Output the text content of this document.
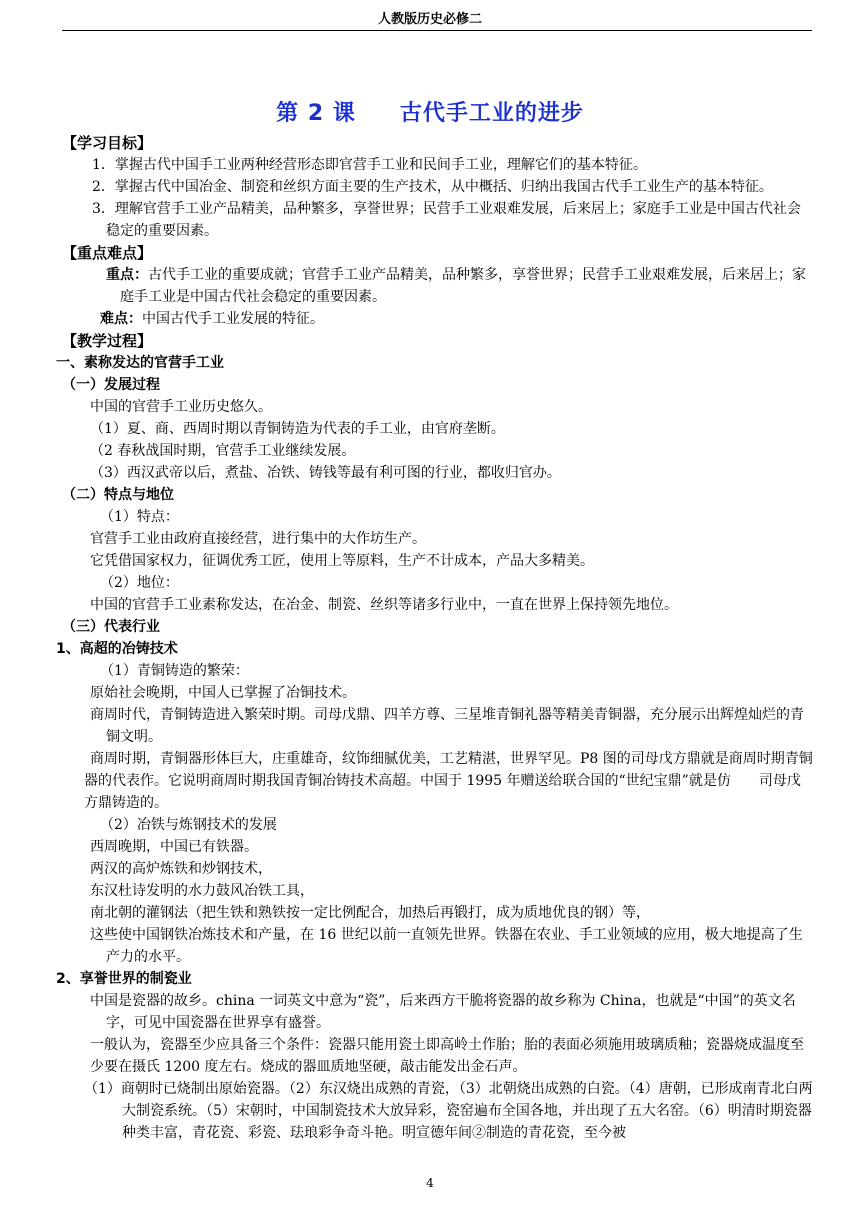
人教版历史必修二
第 2 课 古代手工业的进步

【学习目标】

1．掌握古代中国手工业两种经营形态即官营手工业和民间手工业，理解它们的基本特征。

2．掌握古代中国冶金、制瓷和丝织方面主要的生产技术，从中概括、归纳出我国古代手工业生产的基本特征。

3．理解官营手工业产品精美，品种繁多，享誉世界；民营手工业艰难发展，后来居上；家庭手工业是中国古代社会稳定的重要因素。

【重点难点】

重点：古代手工业的重要成就；官营手工业产品精美，品种繁多，享誉世界；民营手工业艰难发展，后来居上；家庭手工业是中国古代社会稳定的重要因素。

难点：中国古代手工业发展的特征。

【教学过程】

一、素称发达的官营手工业

（一）发展过程

中国的官营手工业历史悠久。

（1）夏、商、西周时期以青铜铸造为代表的手工业，由官府垄断。

（2 春秋战国时期，官营手工业继续发展。

（3）西汉武帝以后，煮盐、冶铁、铸钱等最有利可图的行业，都收归官办。

（二）特点与地位

（1）特点：

官营手工业由政府直接经营，进行集中的大作坊生产。

它凭借国家权力，征调优秀工匠，使用上等原料，生产不计成本，产品大多精美。

（2）地位：

中国的官营手工业素称发达，在冶金、制瓷、丝织等诸多行业中，一直在世界上保持领先地位。

（三）代表行业

1、高超的冶铸技术

（1）青铜铸造的繁荣：

原始社会晚期，中国人已掌握了冶铜技术。

商周时代，青铜铸造进入繁荣时期。司母戊鼎、四羊方尊、三星堆青铜礼器等精美青铜器，充分展示出辉煌灿烂的青铜文明。

商周时期，青铜器形体巨大，庄重雄奇，纹饰细腻优美，工艺精湛，世界罕见。P8 图的司母戊方鼎就是商周时期青铜器的代表作。它说明商周时期我国青铜冶铸技术高超。中国于 1995 年赠送给联合国的“世纪宝鼎”就是仿　　司母戊方鼎铸造的。

（2）冶铁与炼钢技术的发展

西周晚期，中国已有铁器。

两汉的高炉炼铁和炒钢技术，

东汉杜诗发明的水力鼓风冶铁工具，

南北朝的灌钢法（把生铁和熟铁按一定比例配合，加热后再锻打，成为质地优良的钢）等，

这些使中国钢铁冶炼技术和产量，在 16 世纪以前一直领先世界。铁器在农业、手工业领域的应用，极大地提高了生产力的水平。

2、享誉世界的制瓷业

中国是瓷器的故乡。china 一词英文中意为“瓷”，后来西方干脆将瓷器的故乡称为 China，也就是“中国”的英文名字，可见中国瓷器在世界享有盛誉。

一般认为，瓷器至少应具备三个条件：瓷器只能用瓷土即高岭土作胎；胎的表面必须施用玻璃质釉；瓷器烧成温度至少要在摄氏 1200 度左右。烧成的器皿质地坚硬，敲击能发出金石声。

（1）商朝时已烧制出原始瓷器。（2）东汉烧出成熟的青瓷，（3）北朝烧出成熟的白瓷。（4）唐朝，已形成南青北白两大制瓷系统。（5）宋朝时，中国制瓷技术大放异彩，瓷窑遍布全国各地，并出现了五大名窑。（6）明清时期瓷器种类丰富，青花瓷、彩瓷、珐琅彩争奇斗艳。明宣德年间②制造的青花瓷，至今被

4
